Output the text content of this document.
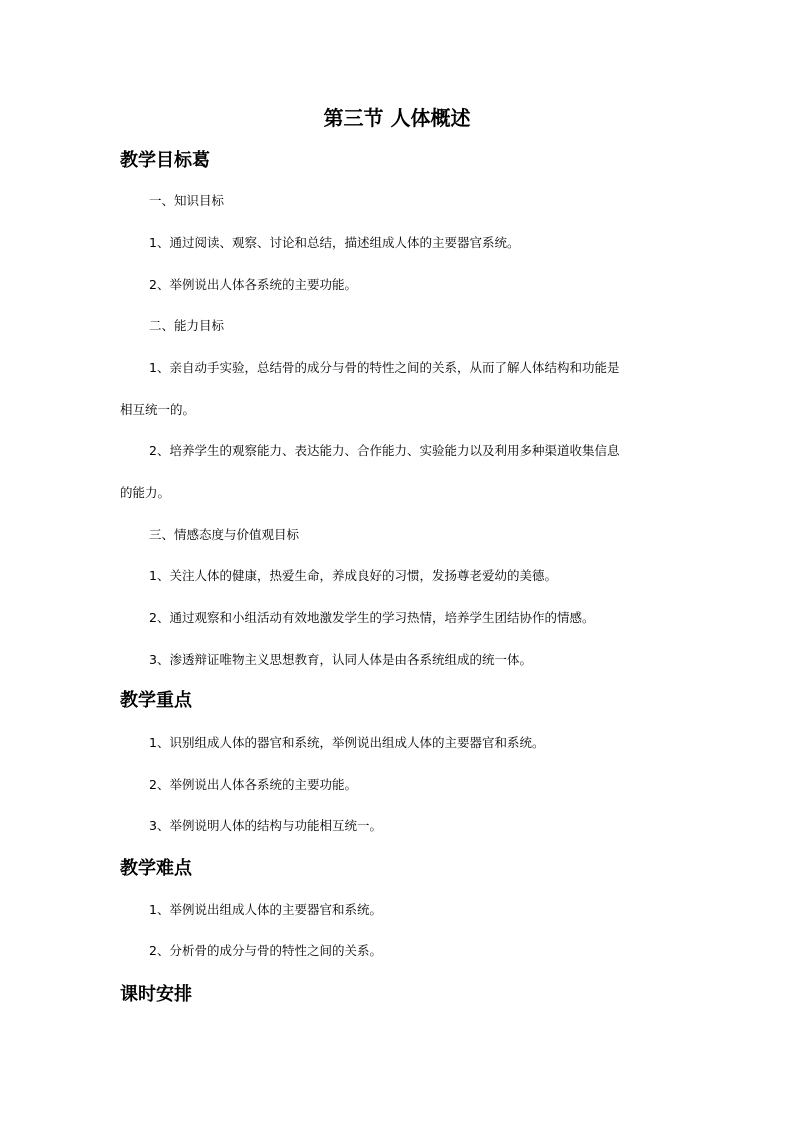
第三节 人体概述
教学目标葛
一、知识目标
1、通过阅读、观察、讨论和总结，描述组成人体的主要器官系统。
2、举例说出人体各系统的主要功能。
二、能力目标
1、亲自动手实验，总结骨的成分与骨的特性之间的关系，从而了解人体结构和功能是
相互统一的。
2、培养学生的观察能力、表达能力、合作能力、实验能力以及利用多种渠道收集信息
的能力。
三、情感态度与价值观目标
1、关注人体的健康，热爱生命，养成良好的习惯，发扬尊老爱幼的美德。
2、通过观察和小组活动有效地激发学生的学习热情，培养学生团结协作的情感。
3、渗透辩证唯物主义思想教育，认同人体是由各系统组成的统一体。
教学重点
1、识别组成人体的器官和系统，举例说出组成人体的主要器官和系统。
2、举例说出人体各系统的主要功能。
3、举例说明人体的结构与功能相互统一。
教学难点
1、举例说出组成人体的主要器官和系统。
2、分析骨的成分与骨的特性之间的关系。
课时安排
